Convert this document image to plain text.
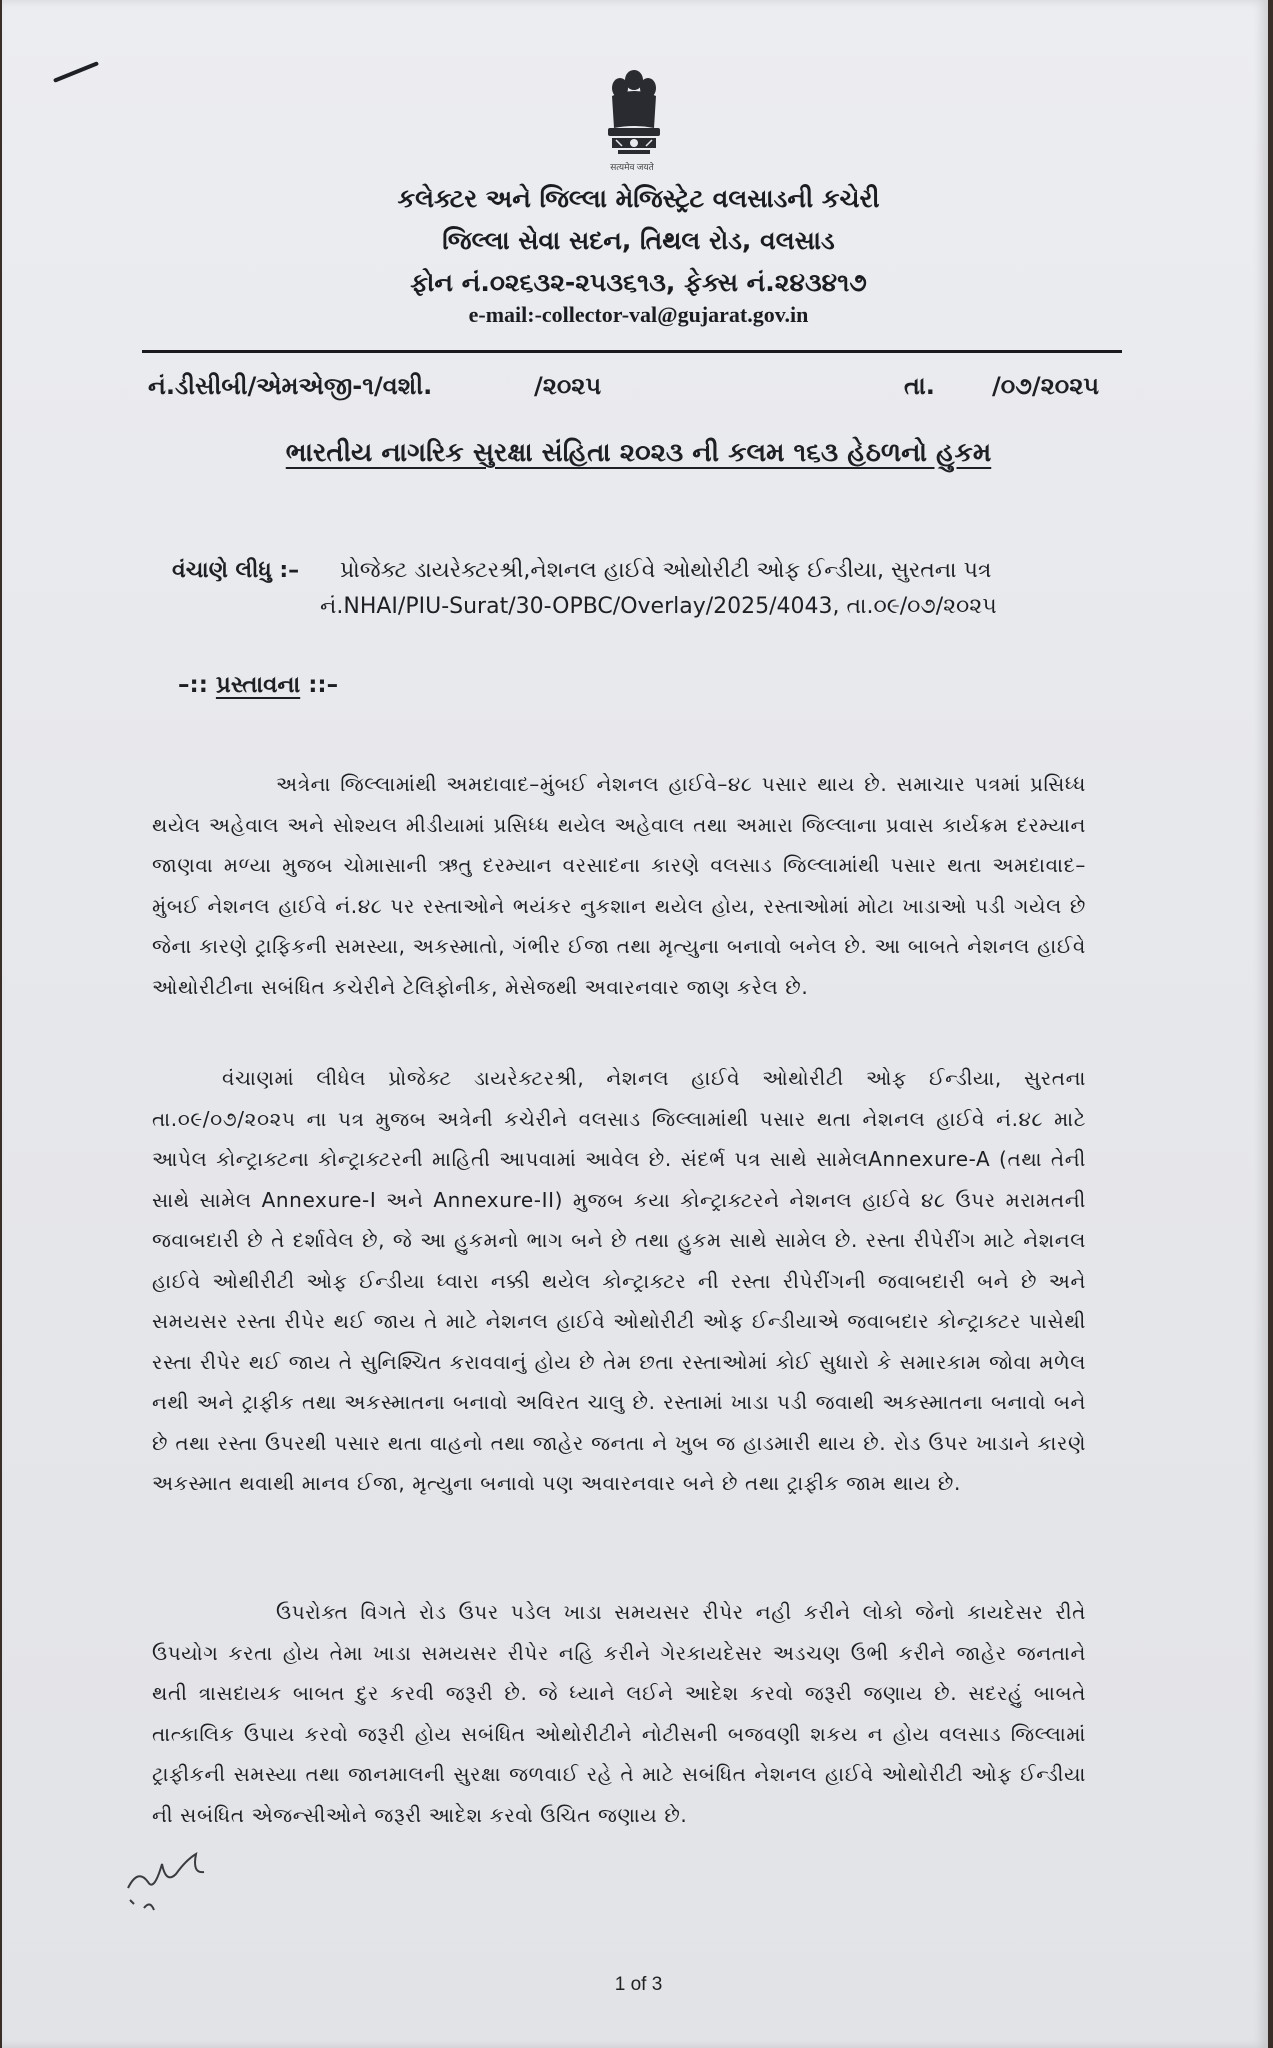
सत्यमेव जयते
કલેક્ટર અને જિલ્લા મેજિસ્ટ્રેટ વલસાડની કચેરી
જિલ્લા સેવા સદન, તિથલ રોડ, વલસાડ
ફોન નં.૦૨૬૩૨-૨૫૩૬૧૩, ફેક્સ નં.૨૪૩૪૧૭
e-mail:-collector-val@gujarat.gov.in
નં.ડીસીબી/એમએજી-૧/વશી.	/૨૦૨૫	તા. /૦૭/૨૦૨૫
ભારતીય નાગરિક સુરક્ષા સંહિતા ૨૦૨૩ ની કલમ ૧૬૩ હેઠળનો હુકમ
વંચાણે લીધુ :– પ્રોજેક્ટ ડાયરેક્ટરશ્રી,નેશનલ હાઈવે ઓથોરીટી ઓફ ઈન્ડીયા, સુરતના પત્ર
નં.NHAI/PIU-Surat/30-OPBC/Overlay/2025/4043, તા.૦૯/૦૭/૨૦૨૫
–:: પ્રસ્તાવના ::–
અત્રેના જિલ્લામાંથી અમદાવાદ–મુંબઈ નેશનલ હાઈવે–૪૮ પસાર થાય છે. સમાચાર પત્રમાં પ્રસિધ્ધ થયેલ અહેવાલ અને સોશ્યલ મીડીયામાં પ્રસિધ્ધ થયેલ અહેવાલ તથા અમારા જિલ્લાના પ્રવાસ કાર્યક્રમ દરમ્યાન જાણવા મળ્યા મુજબ ચોમાસાની ઋતુ દરમ્યાન વરસાદના કારણે વલસાડ જિલ્લામાંથી પસાર થતા અમદાવાદ–મુંબઈ નેશનલ હાઈવે નં.૪૮ પર રસ્તાઓને ભયંકર નુકશાન થયેલ હોય, રસ્તાઓમાં મોટા ખાડાઓ પડી ગયેલ છે જેના કારણે ટ્રાફિકની સમસ્યા, અકસ્માતો, ગંભીર ઈજા તથા મૃત્યુના બનાવો બનેલ છે. આ બાબતે નેશનલ હાઈવે ઓથોરીટીના સબંધિત કચેરીને ટેલિફોનીક, મેસેજથી અવારનવાર જાણ કરેલ છે.
વંચાણમાં લીધેલ પ્રોજેક્ટ ડાયરેક્ટરશ્રી, નેશનલ હાઈવે ઓથોરીટી ઓફ ઈન્ડીયા, સુરતના તા.૦૯/૦૭/૨૦૨૫ ના પત્ર મુજબ અત્રેની કચેરીને વલસાડ જિલ્લામાંથી પસાર થતા નેશનલ હાઈવે નં.૪૮ માટે આપેલ કોન્ટ્રાક્ટના કોન્ટ્રાક્ટરની માહિતી આપવામાં આવેલ છે. સંદર્ભ પત્ર સાથે સામેલAnnexure-A (તથા તેની સાથે સામેલ Annexure-I અને Annexure-II) મુજબ કયા કોન્ટ્રાક્ટરને નેશનલ હાઈવે ૪૮ ઉપર મરામતની જવાબદારી છે તે દર્શાવેલ છે, જે આ હુકમનો ભાગ બને છે તથા હુકમ સાથે સામેલ છે. રસ્તા રીપેરીંગ માટે નેશનલ હાઈવે ઓથીરીટી ઓફ ઈન્ડીયા ધ્વારા નક્કી થયેલ કોન્ટ્રાક્ટર ની રસ્તા રીપેરીંગની જવાબદારી બને છે અને સમયસર રસ્તા રીપેર થઈ જાય તે માટે નેશનલ હાઈવે ઓથોરીટી ઓફ ઈન્ડીયાએ જવાબદાર કોન્ટ્રાક્ટર પાસેથી રસ્તા રીપેર થઈ જાય તે સુનિશ્ચિત કરાવવાનું હોય છે તેમ છતા રસ્તાઓમાં કોઈ સુધારો કે સમારકામ જોવા મળેલ નથી અને ટ્રાફીક તથા અકસ્માતના બનાવો અવિરત ચાલુ છે. રસ્તામાં ખાડા પડી જવાથી અકસ્માતના બનાવો બને છે તથા રસ્તા ઉપરથી પસાર થતા વાહનો તથા જાહેર જનતા ને ખુબ જ હાડમારી થાય છે. રોડ ઉપર ખાડાને કારણે અકસ્માત થવાથી માનવ ઈજા, મૃત્યુના બનાવો પણ અવારનવાર બને છે તથા ટ્રાફીક જામ થાય છે.
ઉપરોક્ત વિગતે રોડ ઉપર પડેલ ખાડા સમયસર રીપેર નહી કરીને લોકો જેનો કાયદેસર રીતે ઉપયોગ કરતા હોય તેમા ખાડા સમયસર રીપેર નહિ કરીને ગેરકાયદેસર અડચણ ઉભી કરીને જાહેર જનતાને થતી ત્રાસદાયક બાબત દુર કરવી જરૂરી છે. જે ધ્યાને લઈને આદેશ કરવો જરૂરી જણાય છે. સદરહું બાબતે તાત્કાલિક ઉપાય કરવો જરૂરી હોય સબંધિત ઓથોરીટીને નોટીસની બજવણી શકય ન હોય વલસાડ જિલ્લામાં ટ્રાફીકની સમસ્યા તથા જાનમાલની સુરક્ષા જળવાઈ રહે તે માટે સબંધિત નેશનલ હાઈવે ઓથોરીટી ઓફ ઈન્ડીયા ની સબંધિત એજન્સીઓને જરૂરી આદેશ કરવો ઉચિત જણાય છે.
1 of 3
